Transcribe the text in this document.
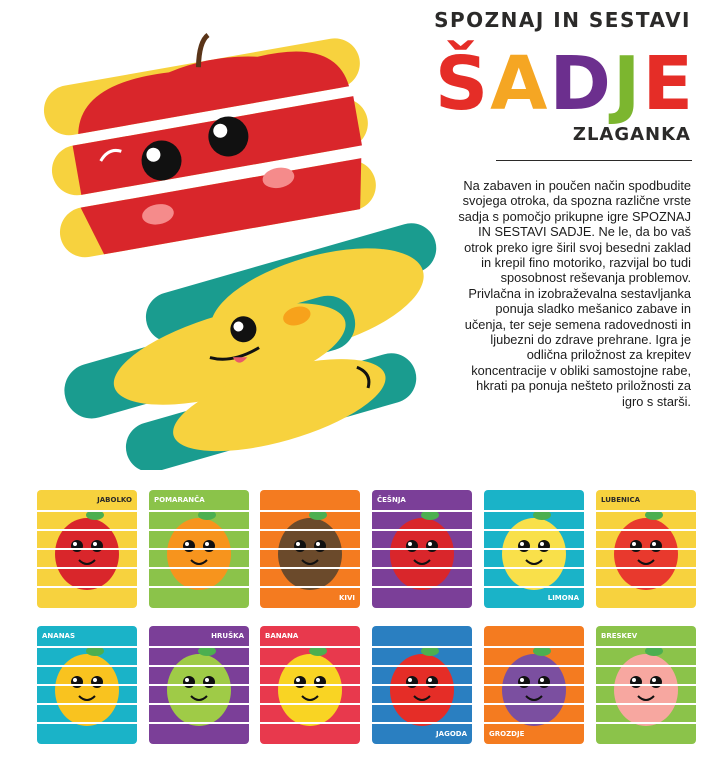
SPOZNAJ IN SESTAVI
Š A D J E
ZLAGANKA
Na zabaven in poučen način spodbudite svojega otroka, da spozna različne vrste sadja s pomočjo prikupne igre SPOZNAJ IN SESTAVI SADJE. Ne le, da bo vaš otrok preko igre širil svoj besedni zaklad in krepil fino motoriko, razvijal bo tudi sposobnost reševanja problemov. Privlačna in izobraževalna sestavljanka ponuja sladko mešanico zabave in učenja, ter seje semena radovednosti in ljubezni do zdrave prehrane. Igra je odlična priložnost za krepitev koncentracije v obliki samostojne rabe, hkrati pa ponuja nešteto priložnosti za igro s starši.
JABOLKO	POMARANČA
KIVI
ČEŠNJA
LIMONA
LUBENICA
ANANAS	HRUŠKA	BANANA
JAGODA	GROZDJE
BRESKEV
